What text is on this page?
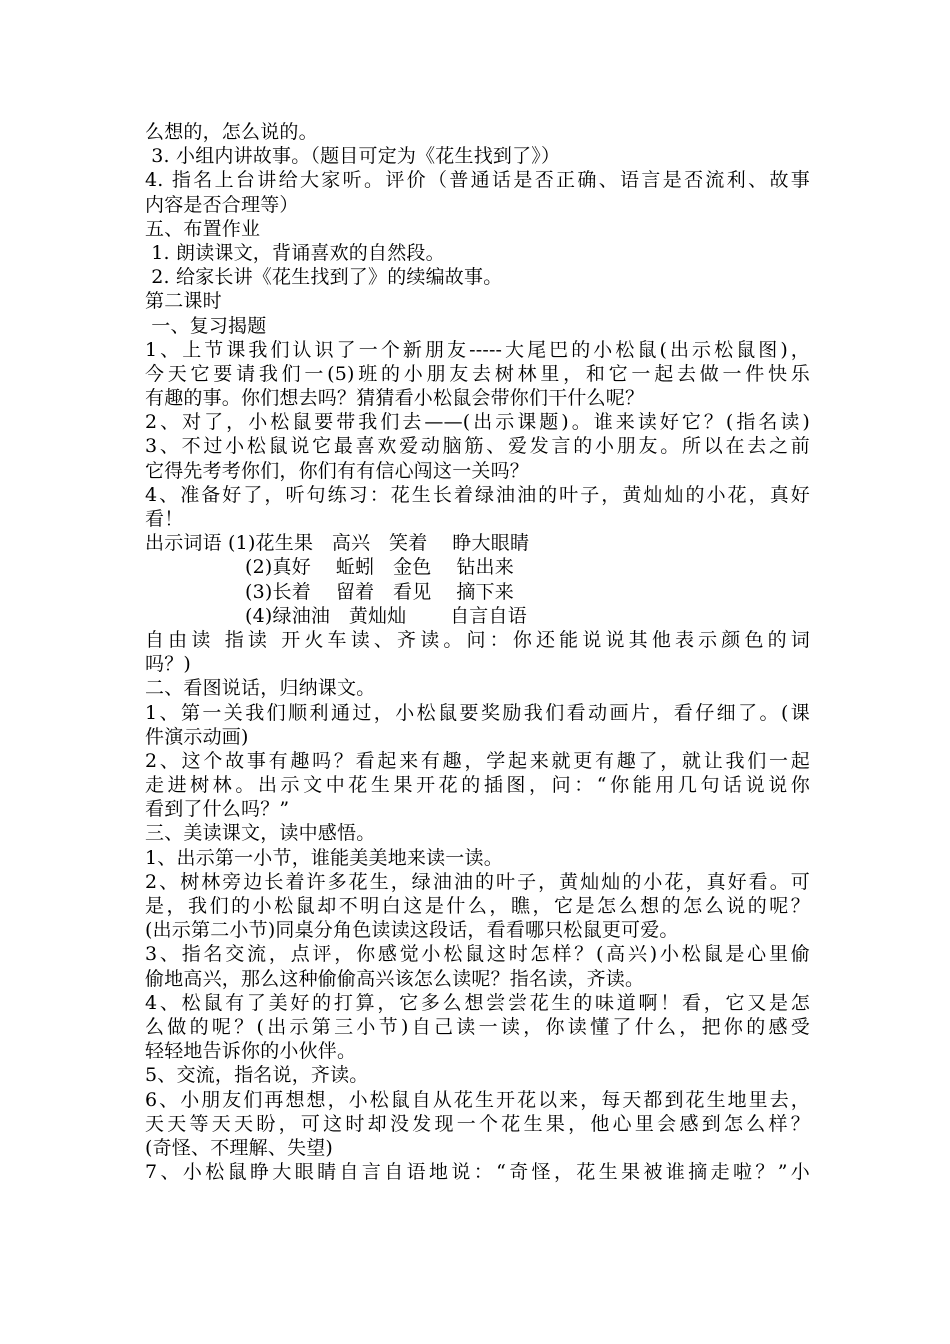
么想的，怎么说的。
3. 小组内讲故事。（题目可定为《花生找到了》）
4. 指名上台讲给大家听。评价（普通话是否正确、语言是否流利、故事
内容是否合理等）
五、布置作业
1. 朗读课文，背诵喜欢的自然段。
2. 给家长讲《花生找到了》的续编故事。
第二课时
一、复习揭题
1、上节课我们认识了一个新朋友-----大尾巴的小松鼠(出示松鼠图)，
今天它要请我们一(5)班的小朋友去树林里，和它一起去做一件快乐
有趣的事。你们想去吗？猜猜看小松鼠会带你们干什么呢？
2、对了，小松鼠要带我们去——(出示课题)。谁来读好它？(指名读)
3、不过小松鼠说它最喜欢爱动脑筋、爱发言的小朋友。所以在去之前
它得先考考你们，你们有有信心闯这一关吗？
4、准备好了，听句练习：花生长着绿油油的叶子，黄灿灿的小花，真好
看！
出示词语 (1)花生果   高兴   笑着    睁大眼睛
(2)真好    蚯蚓   金色    钻出来
(3)长着    留着   看见    摘下来
(4)绿油油   黄灿灿       自言自语
自由读 指读 开火车读、齐读。问：你还能说说其他表示颜色的词
吗？)
二、看图说话，归纳课文。
1、第一关我们顺利通过，小松鼠要奖励我们看动画片，看仔细了。(课
件演示动画)
2、这个故事有趣吗？看起来有趣，学起来就更有趣了，就让我们一起
走进树林。出示文中花生果开花的插图，问：“你能用几句话说说你
看到了什么吗？”
三、美读课文，读中感悟。
1、出示第一小节，谁能美美地来读一读。
2、树林旁边长着许多花生，绿油油的叶子，黄灿灿的小花，真好看。可
是，我们的小松鼠却不明白这是什么，瞧，它是怎么想的怎么说的呢？
(出示第二小节)同桌分角色读读这段话，看看哪只松鼠更可爱。
3、指名交流，点评，你感觉小松鼠这时怎样？(高兴)小松鼠是心里偷
偷地高兴，那么这种偷偷高兴该怎么读呢？指名读，齐读。
4、松鼠有了美好的打算，它多么想尝尝花生的味道啊！看，它又是怎
么做的呢？(出示第三小节)自己读一读，你读懂了什么，把你的感受
轻轻地告诉你的小伙伴。
5、交流，指名说，齐读。
6、小朋友们再想想，小松鼠自从花生开花以来，每天都到花生地里去，
天天等天天盼，可这时却没发现一个花生果，他心里会感到怎么样？
(奇怪、不理解、失望)
7、小松鼠睁大眼睛自言自语地说：“奇怪，花生果被谁摘走啦？”小
